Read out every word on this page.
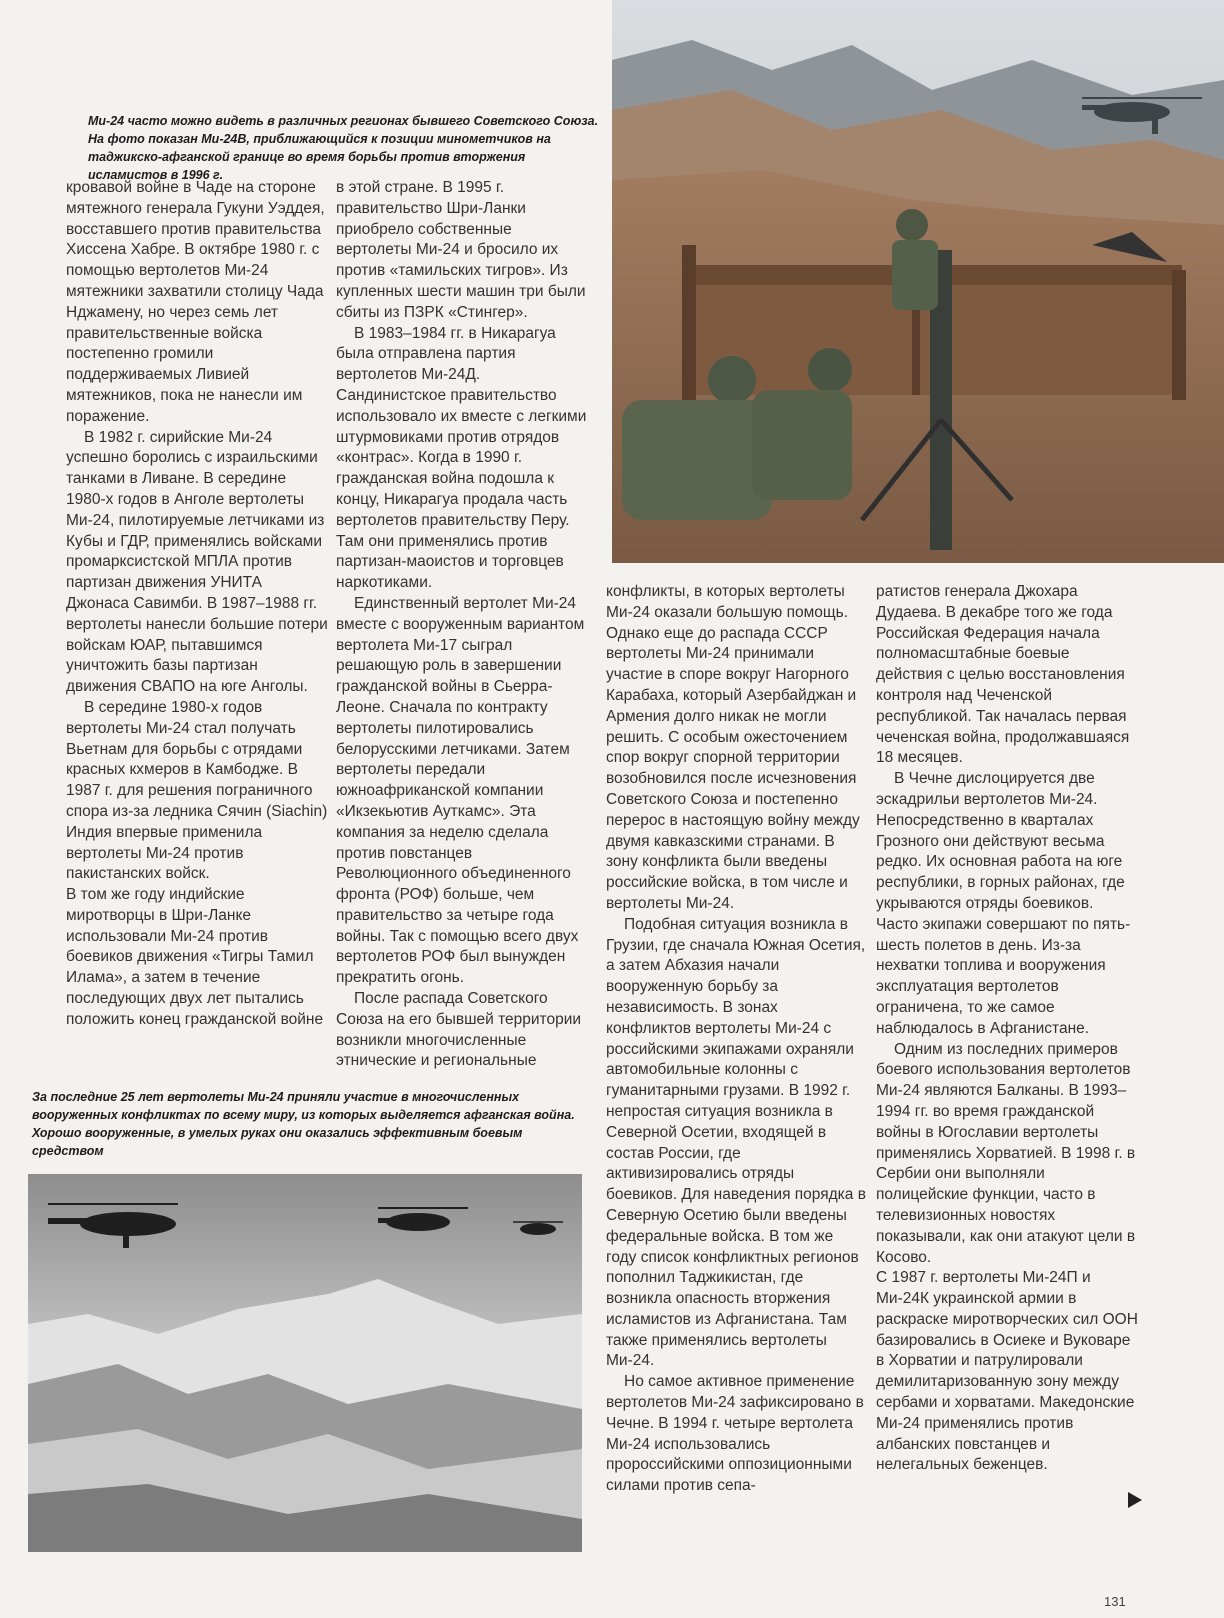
Ми-24 часто можно видеть в различных регионах бывшего Советского Союза. На фото показан Ми-24В, приближающийся к позиции минометчиков на таджикско-афганской границе во время борьбы против вторжения исламистов в 1996 г.

За последние 25 лет вертолеты Ми-24 приняли участие в многочисленных вооруженных конфликтах по всему миру, из которых выделяется афганская война. Хорошо вооруженные, в умелых руках они оказались эффективным боевым средством

кровавой войне в Чаде на стороне мятежного генерала Гукуни Уэддея, восставшего против правительства Хиссена Хабре. В октябре 1980 г. с помощью вертолетов Ми-24 мятежники захватили столицу Чада Нджамену, но через семь лет правительственные войска постепенно громили поддерживаемых Ливией мятежников, пока не нанесли им поражение.

В 1982 г. сирийские Ми-24 успешно боролись с израильскими танками в Ливане. В середине 1980-х годов в Анголе вертолеты Ми-24, пилотируемые летчиками из Кубы и ГДР, применялись войсками промарксистской МПЛА против партизан движения УНИТА Джонаса Савимби. В 1987–1988 гг. вертолеты нанесли большие потери войскам ЮАР, пытавшимся уничтожить базы партизан движения СВАПО на юге Анголы.

В середине 1980-х годов вертолеты Ми-24 стал получать Вьетнам для борьбы с отрядами красных кхмеров в Камбодже. В 1987 г. для решения пограничного спора из-за ледника Сячин (Siachin) Индия впервые применила вертолеты Ми-24 против пакистанских войск.

В том же году индийские миротворцы в Шри-Ланке использовали Ми-24 против боевиков движения «Тигры Тамил Илама», а затем в течение последующих двух лет пытались положить конец гражданской войне

в этой стране. В 1995 г. правительство Шри-Ланки приобрело собственные вертолеты Ми-24 и бросило их против «тамильских тигров». Из купленных шести машин три были сбиты из ПЗРК «Стингер».

В 1983–1984 гг. в Никарагуа была отправлена партия вертолетов Ми-24Д. Сандинистское правительство использовало их вместе с легкими штурмовиками против отрядов «контрас». Когда в 1990 г. гражданская война подошла к концу, Никарагуа продала часть вертолетов правительству Перу. Там они применялись против партизан-маоистов и торговцев наркотиками.

Единственный вертолет Ми-24 вместе с вооруженным вариантом вертолета Ми-17 сыграл решающую роль в завершении гражданской войны в Сьерра-Леоне. Сначала по контракту вертолеты пилотировались белорусскими летчиками. Затем вертолеты передали южноафриканской компании «Икзекьютив Ауткамс». Эта компания за неделю сделала против повстанцев Революционного объединенного фронта (РОФ) больше, чем правительство за четыре года войны. Так с помощью всего двух вертолетов РОФ был вынужден прекратить огонь.

После распада Советского Союза на его бывшей территории возникли многочисленные этнические и региональные

конфликты, в которых вертолеты Ми-24 оказали большую помощь. Однако еще до распада СССР вертолеты Ми-24 принимали участие в споре вокруг Нагорного Карабаха, который Азербайджан и Армения долго никак не могли решить. С особым ожесточением спор вокруг спорной территории возобновился после исчезновения Советского Союза и постепенно перерос в настоящую войну между двумя кавказскими странами. В зону конфликта были введены российские войска, в том числе и вертолеты Ми-24.

Подобная ситуация возникла в Грузии, где сначала Южная Осетия, а затем Абхазия начали вооруженную борьбу за независимость. В зонах конфликтов вертолеты Ми-24 с российскими экипажами охраняли автомобильные колонны с гуманитарными грузами. В 1992 г. непростая ситуация возникла в Северной Осетии, входящей в состав России, где активизировались отряды боевиков. Для наведения порядка в Северную Осетию были введены федеральные войска. В том же году список конфликтных регионов пополнил Таджикистан, где возникла опасность вторжения исламистов из Афганистана. Там также применялись вертолеты Ми-24.

Но самое активное применение вертолетов Ми-24 зафиксировано в Чечне. В 1994 г. четыре вертолета Ми-24 использовались пророссийскими оппозиционными силами против сепа-

ратистов генерала Джохара Дудаева. В декабре того же года Российская Федерация начала полномасштабные боевые действия с целью восстановления контроля над Чеченской республикой. Так началась первая чеченская война, продолжавшаяся 18 месяцев.

В Чечне дислоцируется две эскадрильи вертолетов Ми-24. Непосредственно в кварталах Грозного они действуют весьма редко. Их основная работа на юге республики, в горных районах, где укрываются отряды боевиков. Часто экипажи совершают по пять-шесть полетов в день. Из-за нехватки топлива и вооружения эксплуатация вертолетов ограничена, то же самое наблюдалось в Афганистане.

Одним из последних примеров боевого использования вертолетов Ми-24 являются Балканы. В 1993–1994 гг. во время гражданской войны в Югославии вертолеты применялись Хорватией. В 1998 г. в Сербии они выполняли полицейские функции, часто в телевизионных новостях показывали, как они атакуют цели в Косово.

С 1987 г. вертолеты Ми-24П и Ми-24К украинской армии в раскраске миротворческих сил ООН базировались в Осиеке и Вуковаре в Хорватии и патрулировали демилитаризованную зону между сербами и хорватами. Македонские Ми-24 применялись против албанских повстанцев и нелегальных беженцев.

131
